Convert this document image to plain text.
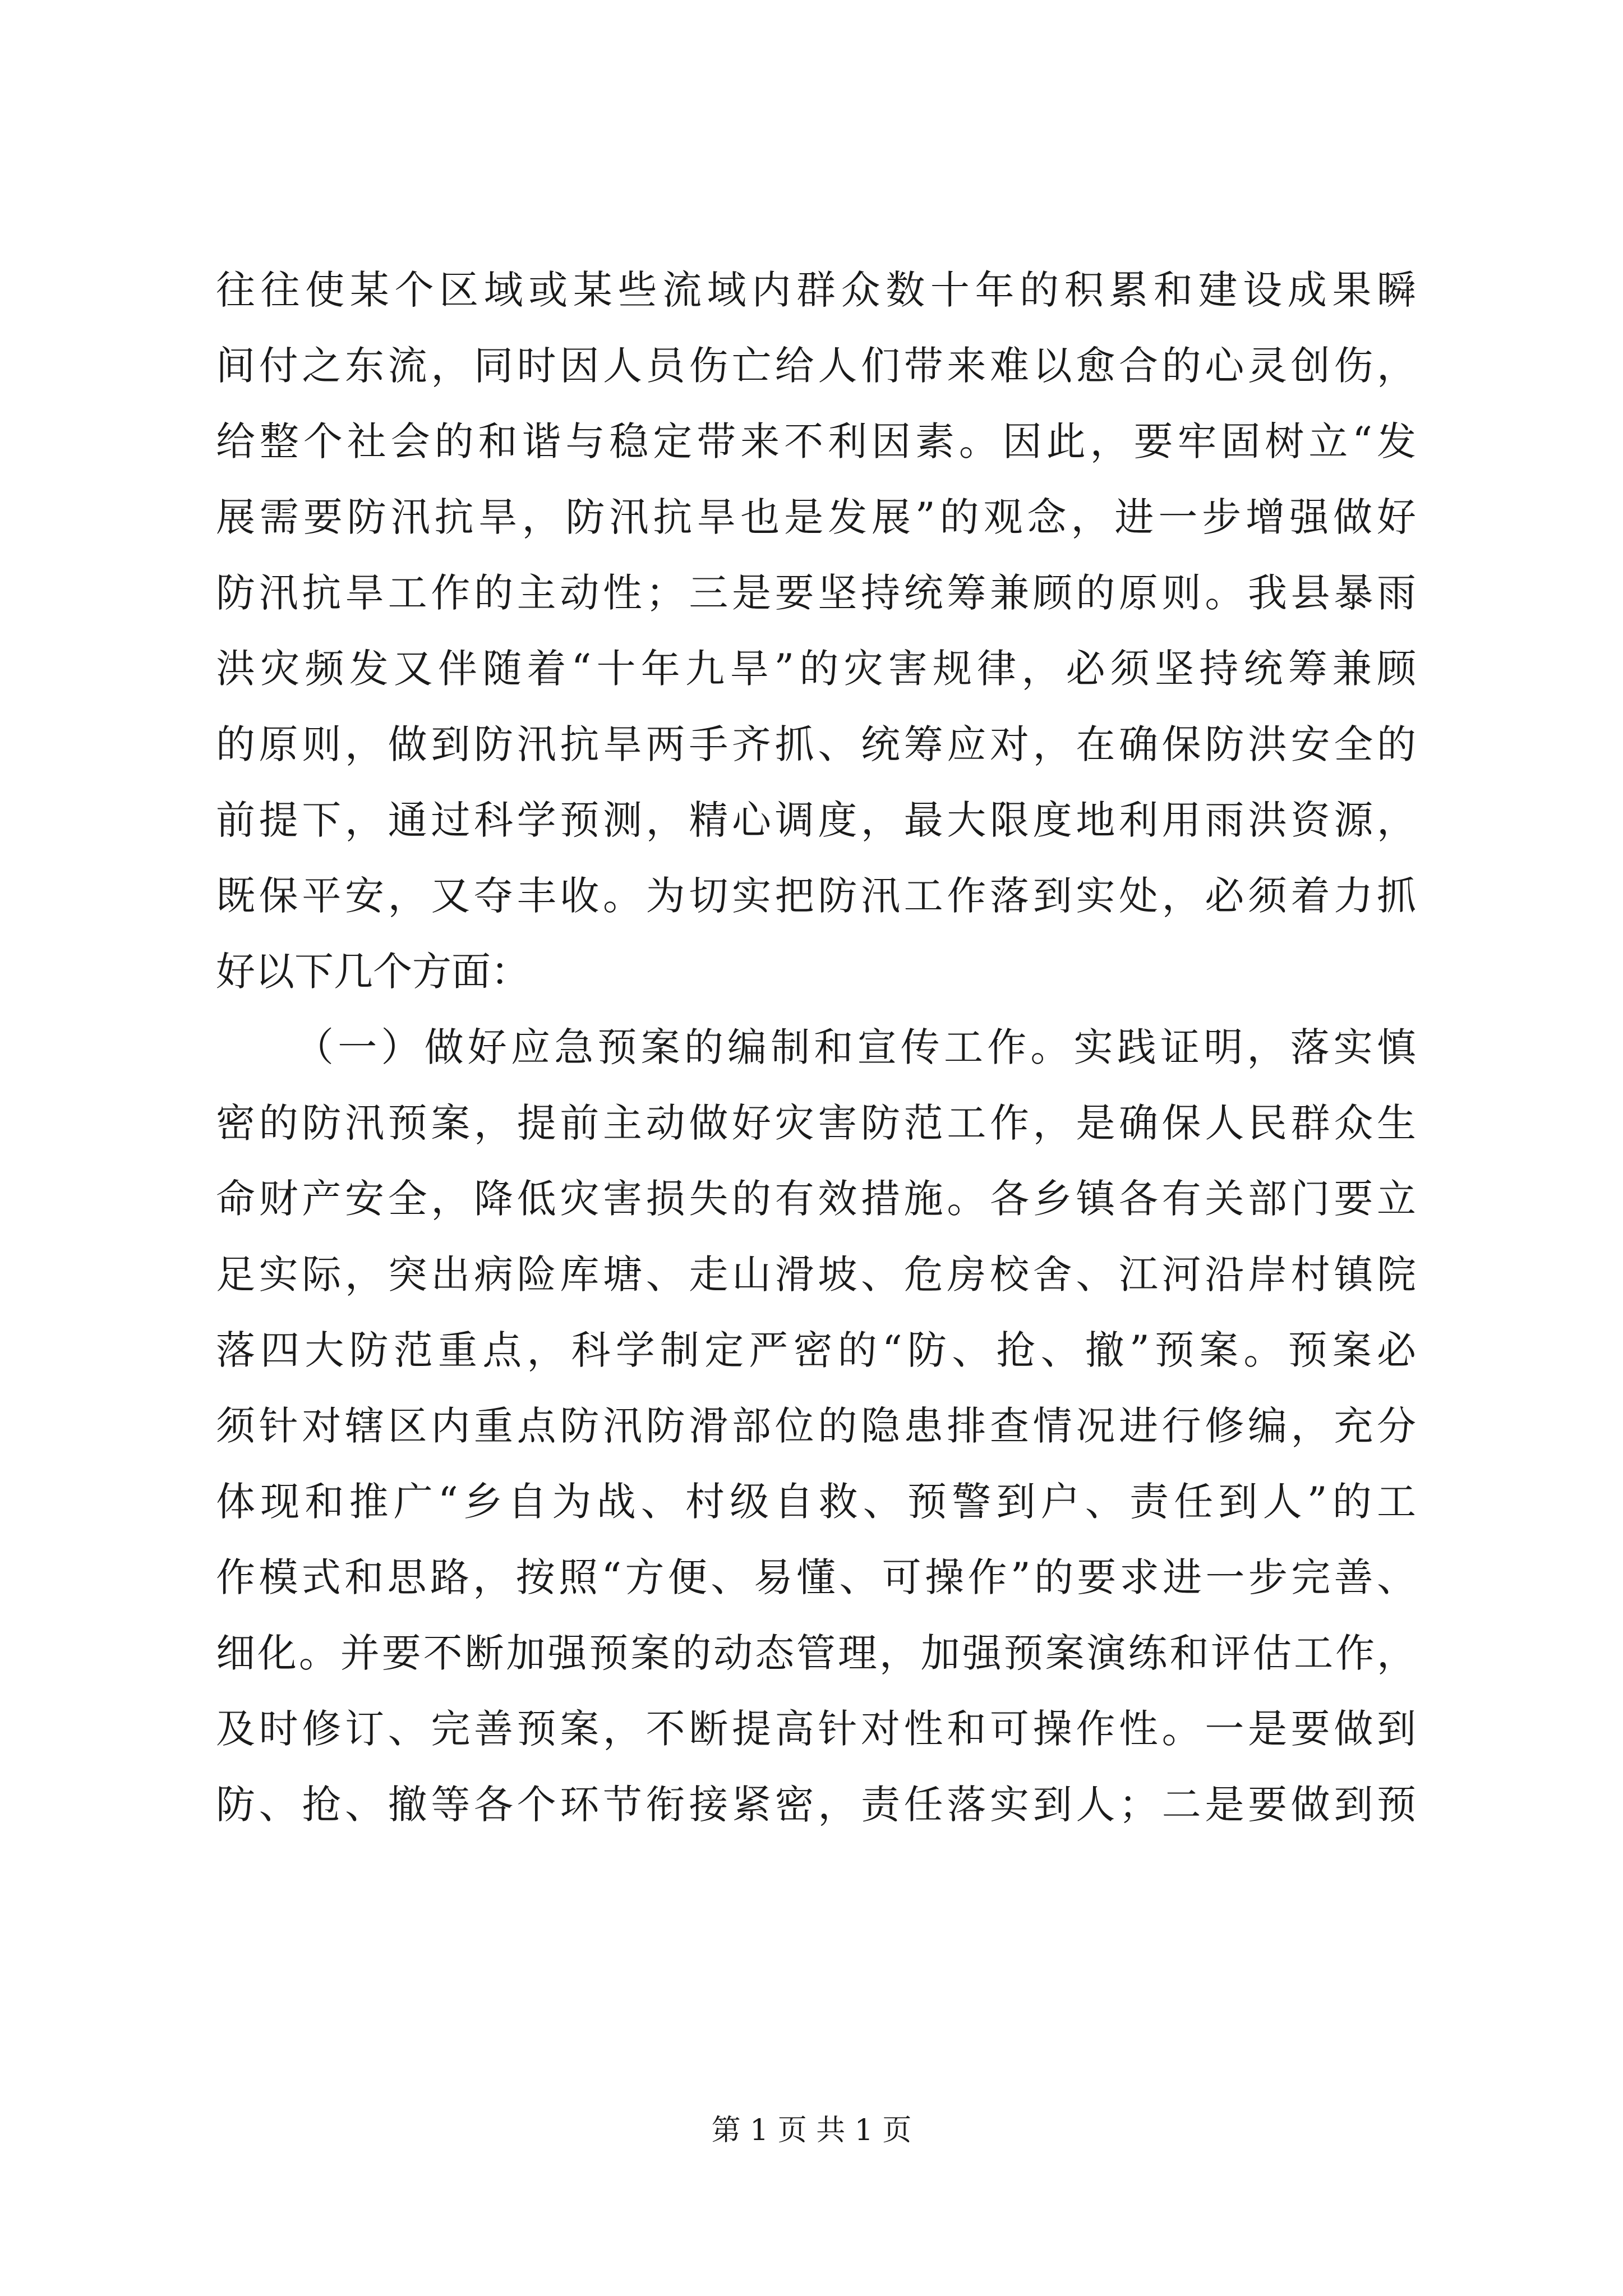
往往使某个区域或某些流域内群众数十年的积累和建设成果瞬
间付之东流，同时因人员伤亡给人们带来难以愈合的心灵创伤，
给整个社会的和谐与稳定带来不利因素。因此，要牢固树立“发
展需要防汛抗旱，防汛抗旱也是发展”的观念，进一步增强做好
防汛抗旱工作的主动性；三是要坚持统筹兼顾的原则。我县暴雨
洪灾频发又伴随着“十年九旱”的灾害规律，必须坚持统筹兼顾
的原则，做到防汛抗旱两手齐抓、统筹应对，在确保防洪安全的
前提下，通过科学预测，精心调度，最大限度地利用雨洪资源，
既保平安，又夺丰收。为切实把防汛工作落到实处，必须着力抓
好以下几个方面：
（一）做好应急预案的编制和宣传工作。实践证明，落实慎
密的防汛预案，提前主动做好灾害防范工作，是确保人民群众生
命财产安全，降低灾害损失的有效措施。各乡镇各有关部门要立
足实际，突出病险库塘、走山滑坡、危房校舍、江河沿岸村镇院
落四大防范重点，科学制定严密的“防、抢、撤”预案。预案必
须针对辖区内重点防汛防滑部位的隐患排查情况进行修编，充分
体现和推广“乡自为战、村级自救、预警到户、责任到人”的工
作模式和思路，按照“方便、易懂、可操作”的要求进一步完善、
细化。并要不断加强预案的动态管理，加强预案演练和评估工作，
及时修订、完善预案，不断提高针对性和可操作性。一是要做到
防、抢、撤等各个环节衔接紧密，责任落实到人；二是要做到预
第 1 页 共 1 页
